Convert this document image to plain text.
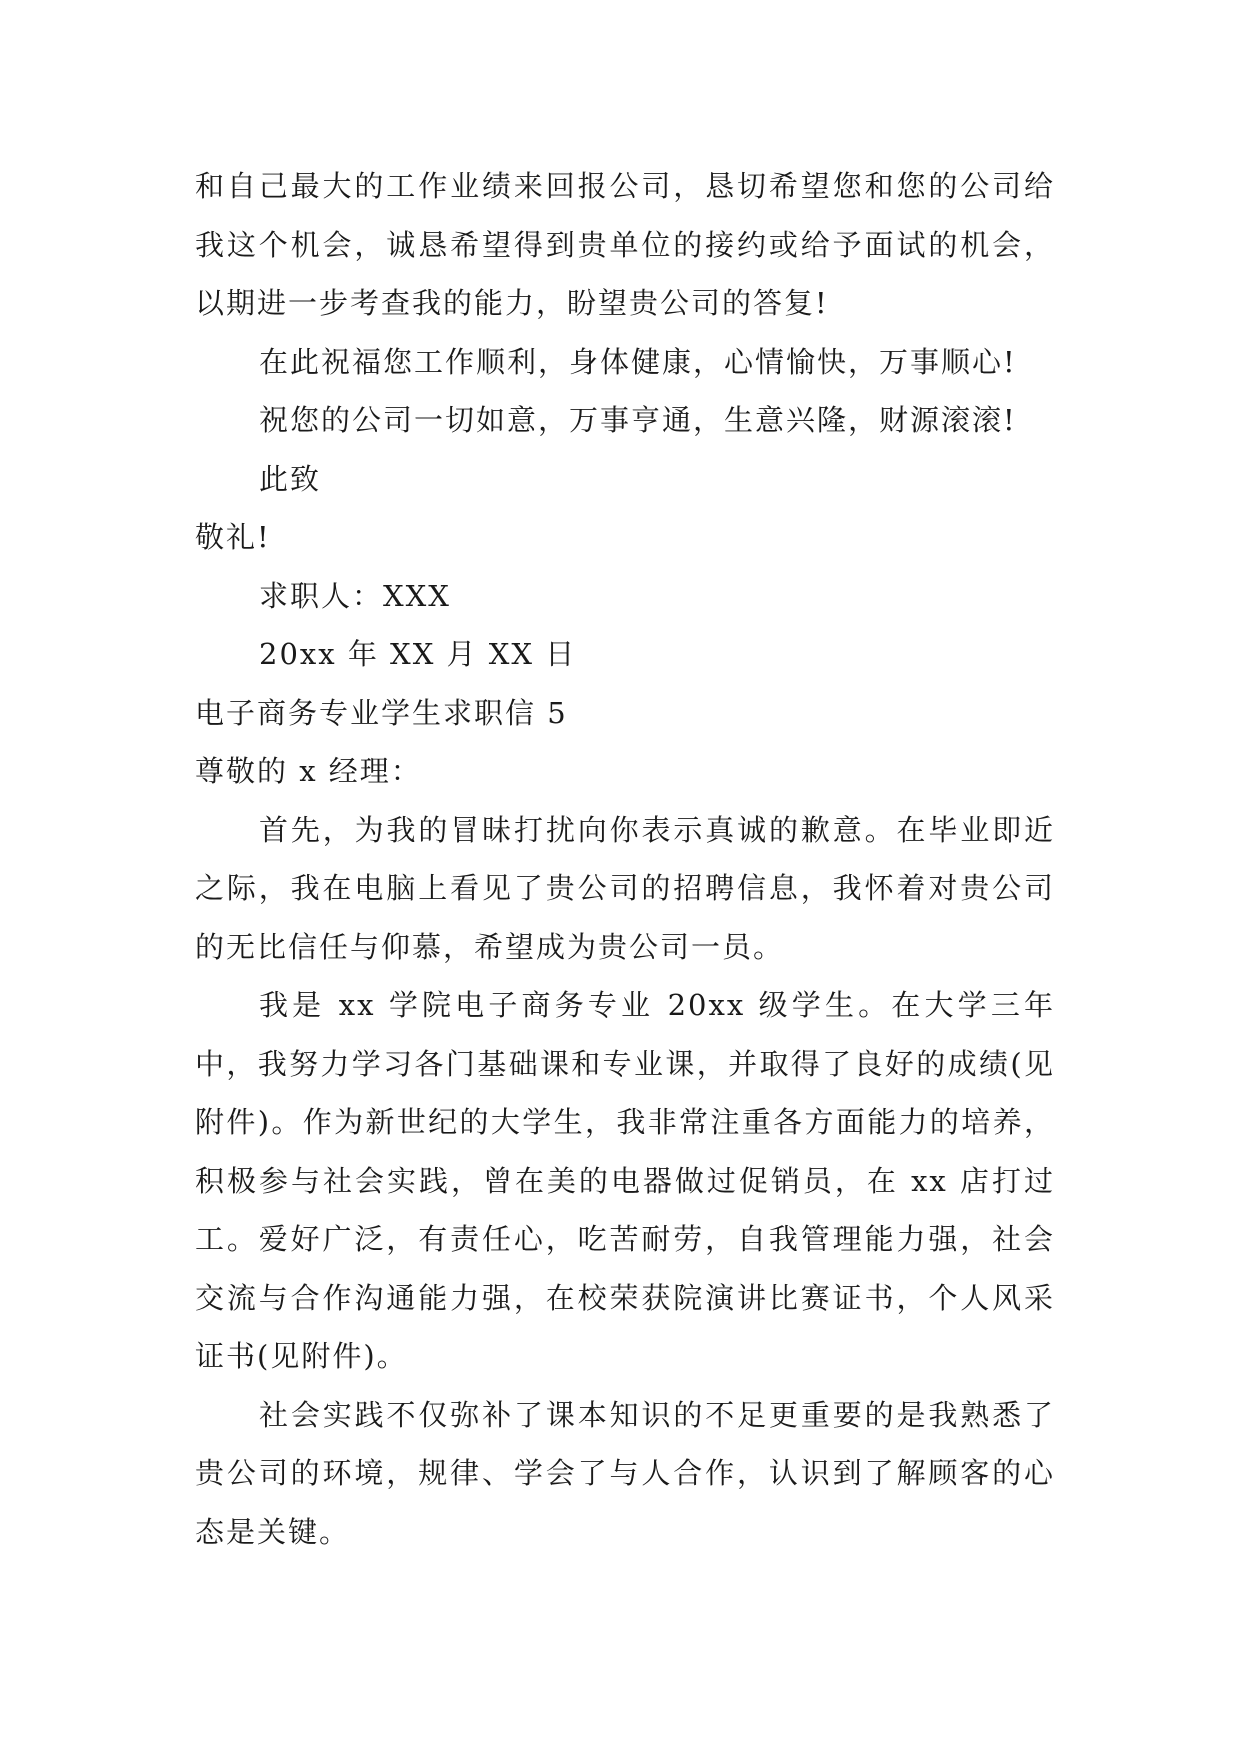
和自己最大的工作业绩来回报公司，恳切希望您和您的公司给我这个机会，诚恳希望得到贵单位的接约或给予面试的机会，以期进一步考查我的能力，盼望贵公司的答复!

在此祝福您工作顺利，身体健康，心情愉快，万事顺心!

祝您的公司一切如意，万事亨通，生意兴隆，财源滚滚!

此致

敬礼!

求职人：XXX

20xx 年 XX 月 XX 日

电子商务专业学生求职信 5

尊敬的 x 经理：

首先，为我的冒昧打扰向你表示真诚的歉意。在毕业即近之际，我在电脑上看见了贵公司的招聘信息，我怀着对贵公司的无比信任与仰慕，希望成为贵公司一员。

我是 xx 学院电子商务专业 20xx 级学生。在大学三年中，我努力学习各门基础课和专业课，并取得了良好的成绩(见附件)。作为新世纪的大学生，我非常注重各方面能力的培养，积极参与社会实践，曾在美的电器做过促销员，在 xx 店打过工。爱好广泛，有责任心，吃苦耐劳，自我管理能力强，社会交流与合作沟通能力强，在校荣获院演讲比赛证书，个人风采证书(见附件)。

社会实践不仅弥补了课本知识的不足更重要的是我熟悉了贵公司的环境，规律、学会了与人合作，认识到了解顾客的心态是关键。
